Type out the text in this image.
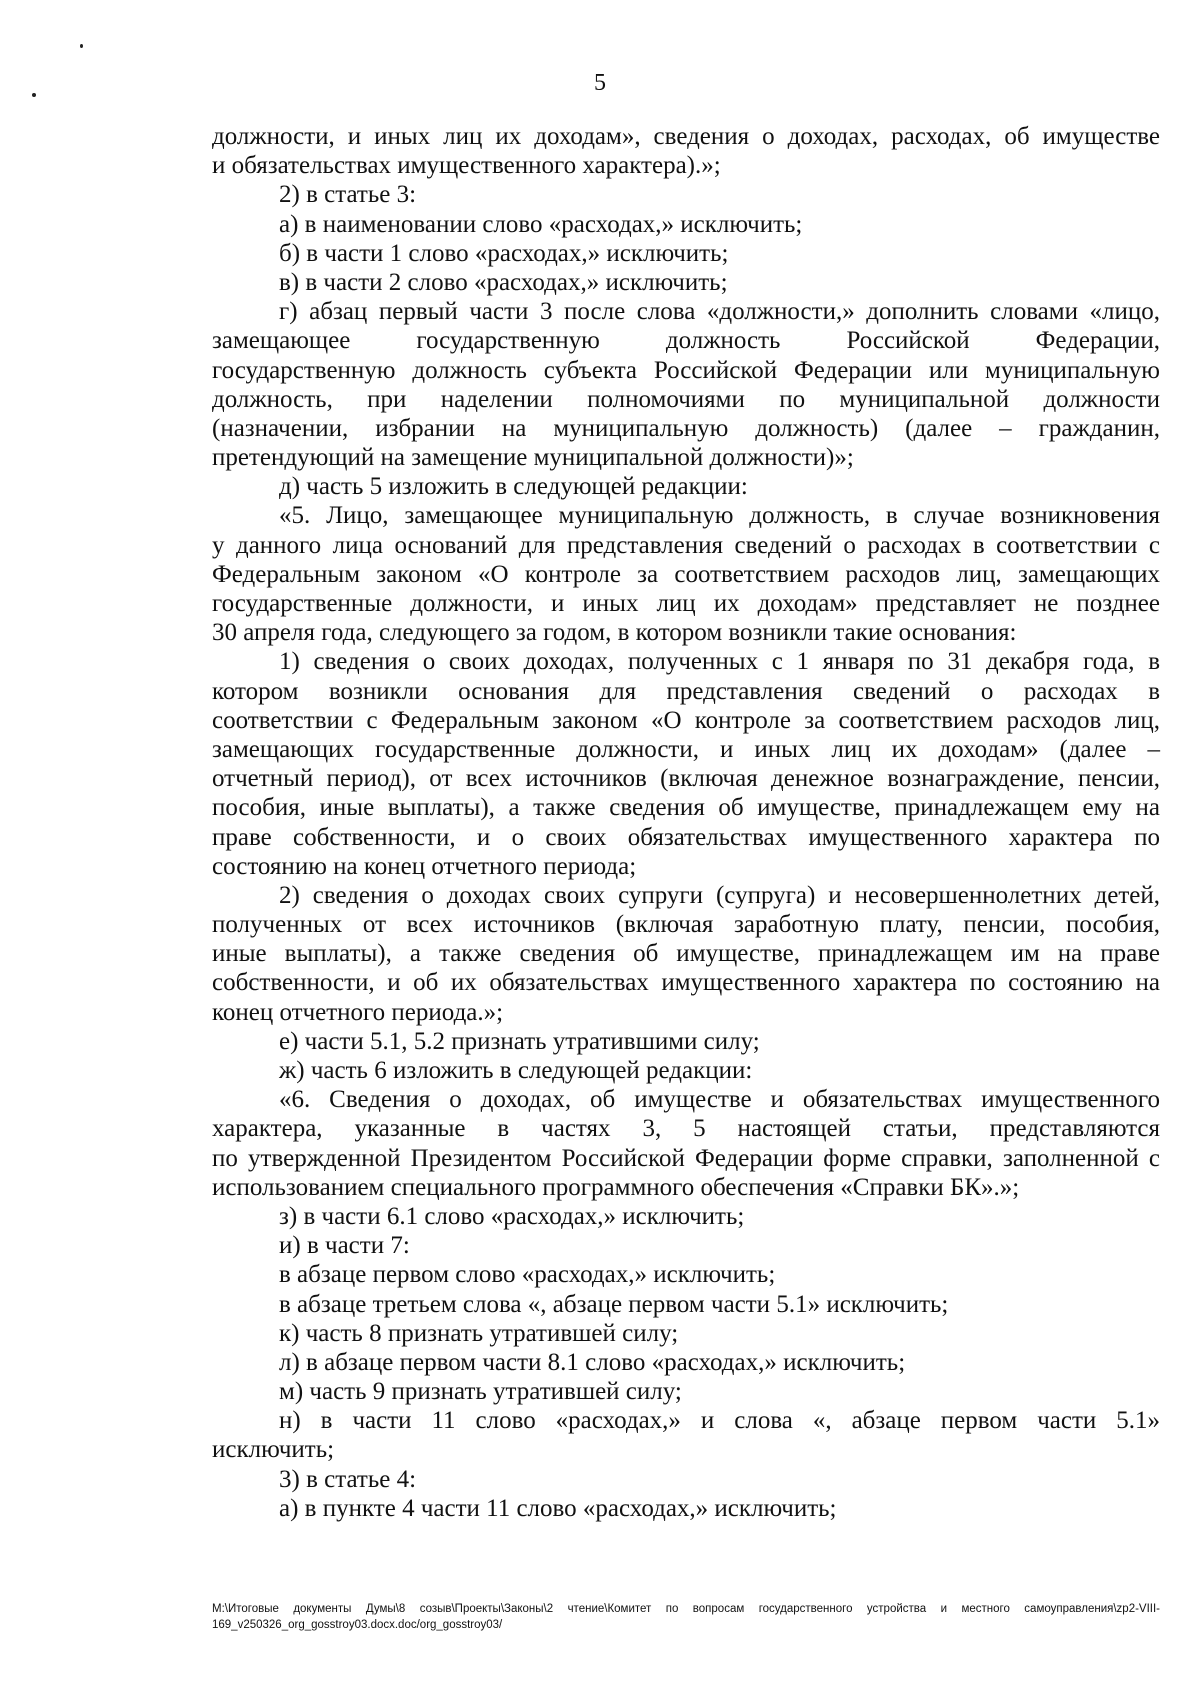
5
должности, и иных лиц их доходам», сведения о доходах, расходах, об имуществе
и обязательствах имущественного характера).»;
2) в статье 3:
а) в наименовании слово «расходах,» исключить;
б) в части 1 слово «расходах,» исключить;
в) в части 2 слово «расходах,» исключить;
г) абзац первый части 3 после слова «должности,» дополнить словами «лицо,
замещающее государственную должность Российской Федерации,
государственную должность субъекта Российской Федерации или муниципальную
должность, при наделении полномочиями по муниципальной должности
(назначении, избрании на муниципальную должность) (далее – гражданин,
претендующий на замещение муниципальной должности)»;
д) часть 5 изложить в следующей редакции:
«5. Лицо, замещающее муниципальную должность, в случае возникновения
у данного лица оснований для представления сведений о расходах в соответствии с
Федеральным законом «О контроле за соответствием расходов лиц, замещающих
государственные должности, и иных лиц их доходам» представляет не позднее
30 апреля года, следующего за годом, в котором возникли такие основания:
1) сведения о своих доходах, полученных с 1 января по 31 декабря года, в
котором возникли основания для представления сведений о расходах в
соответствии с Федеральным законом «О контроле за соответствием расходов лиц,
замещающих государственные должности, и иных лиц их доходам» (далее –
отчетный период), от всех источников (включая денежное вознаграждение, пенсии,
пособия, иные выплаты), а также сведения об имуществе, принадлежащем ему на
праве собственности, и о своих обязательствах имущественного характера по
состоянию на конец отчетного периода;
2) сведения о доходах своих супруги (супруга) и несовершеннолетних детей,
полученных от всех источников (включая заработную плату, пенсии, пособия,
иные выплаты), а также сведения об имуществе, принадлежащем им на праве
собственности, и об их обязательствах имущественного характера по состоянию на
конец отчетного периода.»;
е) части 5.1, 5.2 признать утратившими силу;
ж) часть 6 изложить в следующей редакции:
«6. Сведения о доходах, об имуществе и обязательствах имущественного
характера, указанные в частях 3, 5 настоящей статьи, представляются
по утвержденной Президентом Российской Федерации форме справки, заполненной с
использованием специального программного обеспечения «Справки БК».»;
з) в части 6.1 слово «расходах,» исключить;
и) в части 7:
в абзаце первом слово «расходах,» исключить;
в абзаце третьем слова «, абзаце первом части 5.1» исключить;
к) часть 8 признать утратившей силу;
л) в абзаце первом части 8.1 слово «расходах,» исключить;
м) часть 9 признать утратившей силу;
н) в части 11 слово «расходах,» и слова «, абзаце первом части 5.1»
исключить;
3) в статье 4:
а) в пункте 4 части 11 слово «расходах,» исключить;
M:\Итоговые документы Думы\8 созыв\Проекты\Законы\2 чтение\Комитет по вопросам государственного устройства и местного самоуправления\zp2-VIII-
169_v250326_org_gosstroy03.docx.doc/org_gosstroy03/
